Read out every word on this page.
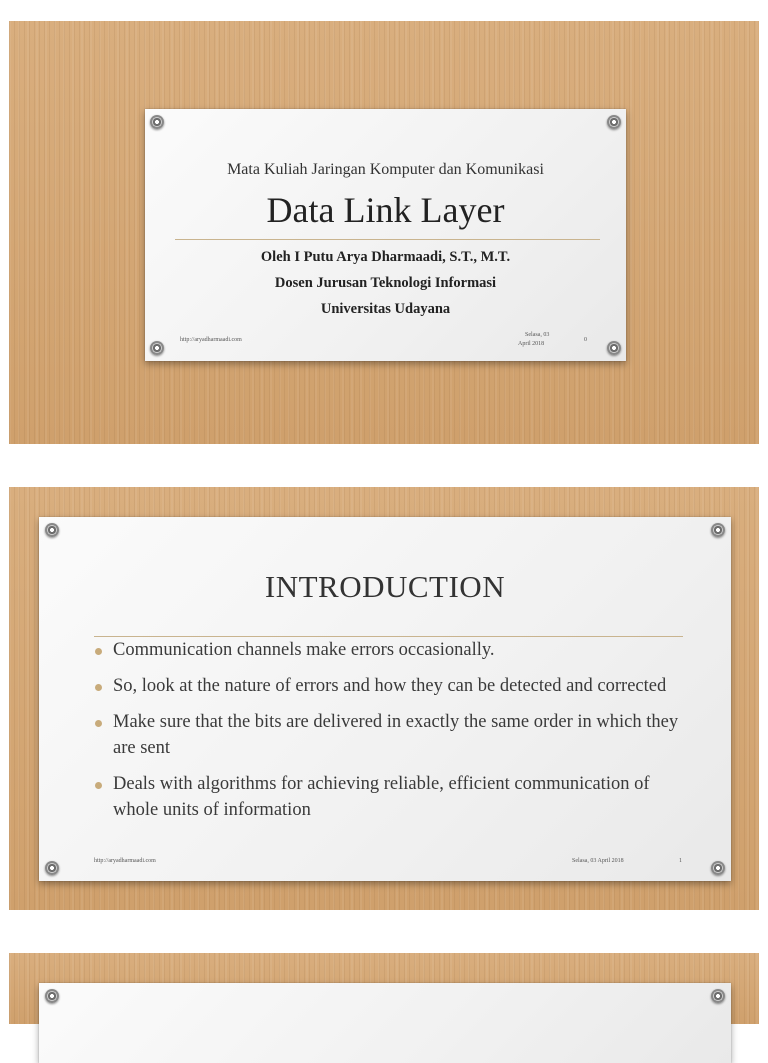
Mata Kuliah Jaringan Komputer dan Komunikasi
Data Link Layer
Oleh I Putu Arya Dharmaadi, S.T., M.T.
Dosen Jurusan Teknologi Informasi
Universitas Udayana
http://aryadharmaadi.com
Selasa, 03
April 2018
0
INTRODUCTION
Communication channels make errors occasionally.
So, look at the nature of errors and how they can be detected and corrected
Make sure that the bits are delivered in exactly the same order in which they are sent
Deals with algorithms for achieving reliable, efficient communication of whole units of information
http://aryadharmaadi.com	Selasa, 03 April 2018	1
